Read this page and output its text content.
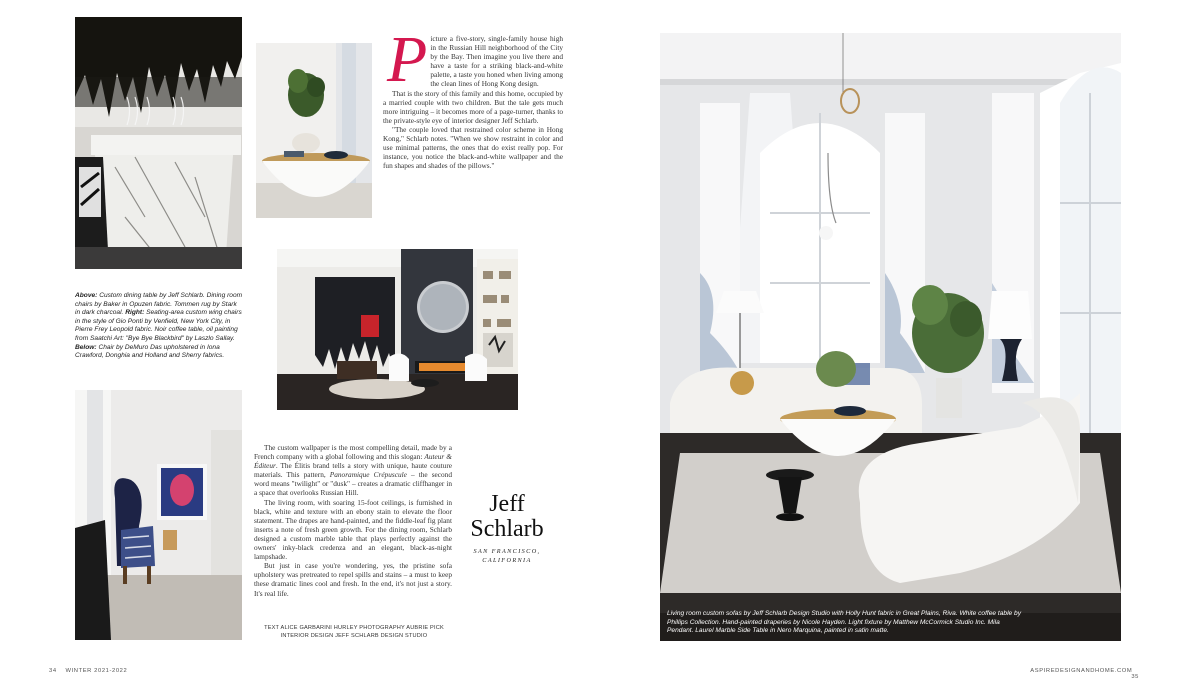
Above: Custom dining table by Jeff Schlarb. Dining room chairs by Baker in Opuzen fabric. Tommen rug by Stark in dark charcoal. Right: Seating-area custom wing chairs in the style of Gio Ponti by Venfield, New York City, in Pierre Frey Leopold fabric. Noir coffee table, oil painting from Saatchi Art: "Bye Bye Blackbird" by Laszlo Sallay. Below: Chair by DeMuro Das upholstered in Iona Crawford, Donghia and Holland and Sherry fabrics.
P icture a five-story, single-family house high in the Russian Hill neighborhood of the City by the Bay. Then imagine you live there and have a taste for a striking black-and-white palette, a taste you honed when living among the clean lines of Hong Kong design.

That is the story of this family and this home, occupied by a married couple with two children. But the tale gets much more intriguing – it becomes more of a page-turner, thanks to the private-style eye of interior designer Jeff Schlarb.

"The couple loved that restrained color scheme in Hong Kong," Schlarb notes. "When we show restraint in color and use minimal patterns, the ones that do exist really pop. For instance, you notice the black-and-white wallpaper and the fun shapes and shades of the pillows."

The custom wallpaper is the most compelling detail, made by a French company with a global following and this slogan: Auteur & Éditeur. The Élitis brand tells a story with unique, haute couture materials. This pattern, Panoramique Crépuscule – the second word means "twilight" or "dusk" – creates a dramatic cliffhanger in a space that overlooks Russian Hill.

The living room, with soaring 15-foot ceilings, is furnished in black, white and texture with an ebony stain to elevate the floor statement. The drapes are hand-painted, and the fiddle-leaf fig plant inserts a note of fresh green growth. For the dining room, Schlarb designed a custom marble table that plays perfectly against the owners' inky-black credenza and an elegant, black-as-night lampshade.

But just in case you're wondering, yes, the pristine sofa upholstery was pretreated to repel spills and stains – a must to keep these dramatic lines cool and fresh. In the end, it's not just a story. It's real life.

TEXT ALICE GARBARINI HURLEY PHOTOGRAPHY AUBRIE PICK
INTERIOR DESIGN JEFF SCHLARB DESIGN STUDIO
Jeff
Schlarb
SAN FRANCISCO,
CALIFORNIA
34 WINTER 2021-2022
Living room custom sofas by Jeff Schlarb Design Studio with Holly Hunt fabric in Great Plains, Riva. White coffee table by Phillips Collection. Hand-painted draperies by Nicole Hayden. Light fixture by Matthew McCormick Studio Inc. Mila Pendant. Laurel Marble Side Table in Nero Marquina, painted in satin matte.
ASPIREDESIGNANDHOME.COM    35
